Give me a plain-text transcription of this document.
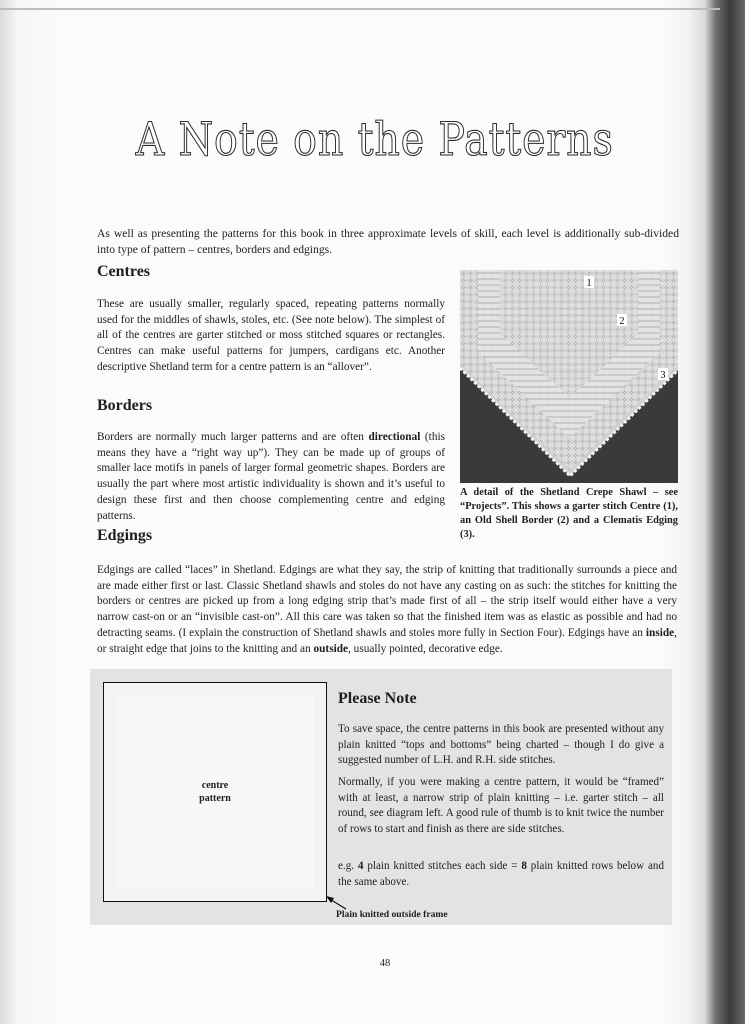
A Note on the Patterns
As well as presenting the patterns for this book in three approximate levels of skill, each level is additionally sub-divided into type of pattern – centres, borders and edgings.
Centres
These are usually smaller, regularly spaced, repeating patterns normally used for the middles of shawls, stoles, etc. (See note below). The simplest of all of the centres are garter stitched or moss stitched squares or rectangles. Centres can make useful patterns for jumpers, cardigans etc. Another descriptive Shetland term for a centre pattern is an “allover”.
Borders
Borders are normally much larger patterns and are often directional (this means they have a “right way up”). They can be made up of groups of smaller lace motifs in panels of larger formal geometric shapes. Borders are usually the part where most artistic individuality is shown and it’s useful to design these first and then choose complementing centre and edging patterns.
Edgings
Edgings are called “laces” in Shetland. Edgings are what they say, the strip of knitting that traditionally surrounds a piece and are made either first or last. Classic Shetland shawls and stoles do not have any casting on as such: the stitches for knitting the borders or centres are picked up from a long edging strip that’s made first of all – the strip itself would either have a very narrow cast-on or an “invisible cast-on”. All this care was taken so that the finished item was as elastic as possible and had no detracting seams. (I explain the construction of Shetland shawls and stoles more fully in Section Four). Edgings have an inside, or straight edge that joins to the knitting and an outside, usually pointed, decorative edge.
1
2
3
A detail of the Shetland Crepe Shawl – see “Projects”. This shows a garter stitch Centre (1), an Old Shell Border (2) and a Clematis Edging (3).
centre
pattern
Please Note
To save space, the centre patterns in this book are presented without any plain knitted “tops and bottoms” being charted – though I do give a suggested number of L.H. and R.H. side stitches.
Normally, if you were making a centre pattern, it would be “framed” with at least, a narrow strip of plain knitting – i.e. garter stitch – all round, see diagram left. A good rule of thumb is to knit twice the number of rows to start and finish as there are side stitches.
e.g. 4 plain knitted stitches each side = 8 plain knitted rows below and the same above.
Plain knitted outside frame
48
